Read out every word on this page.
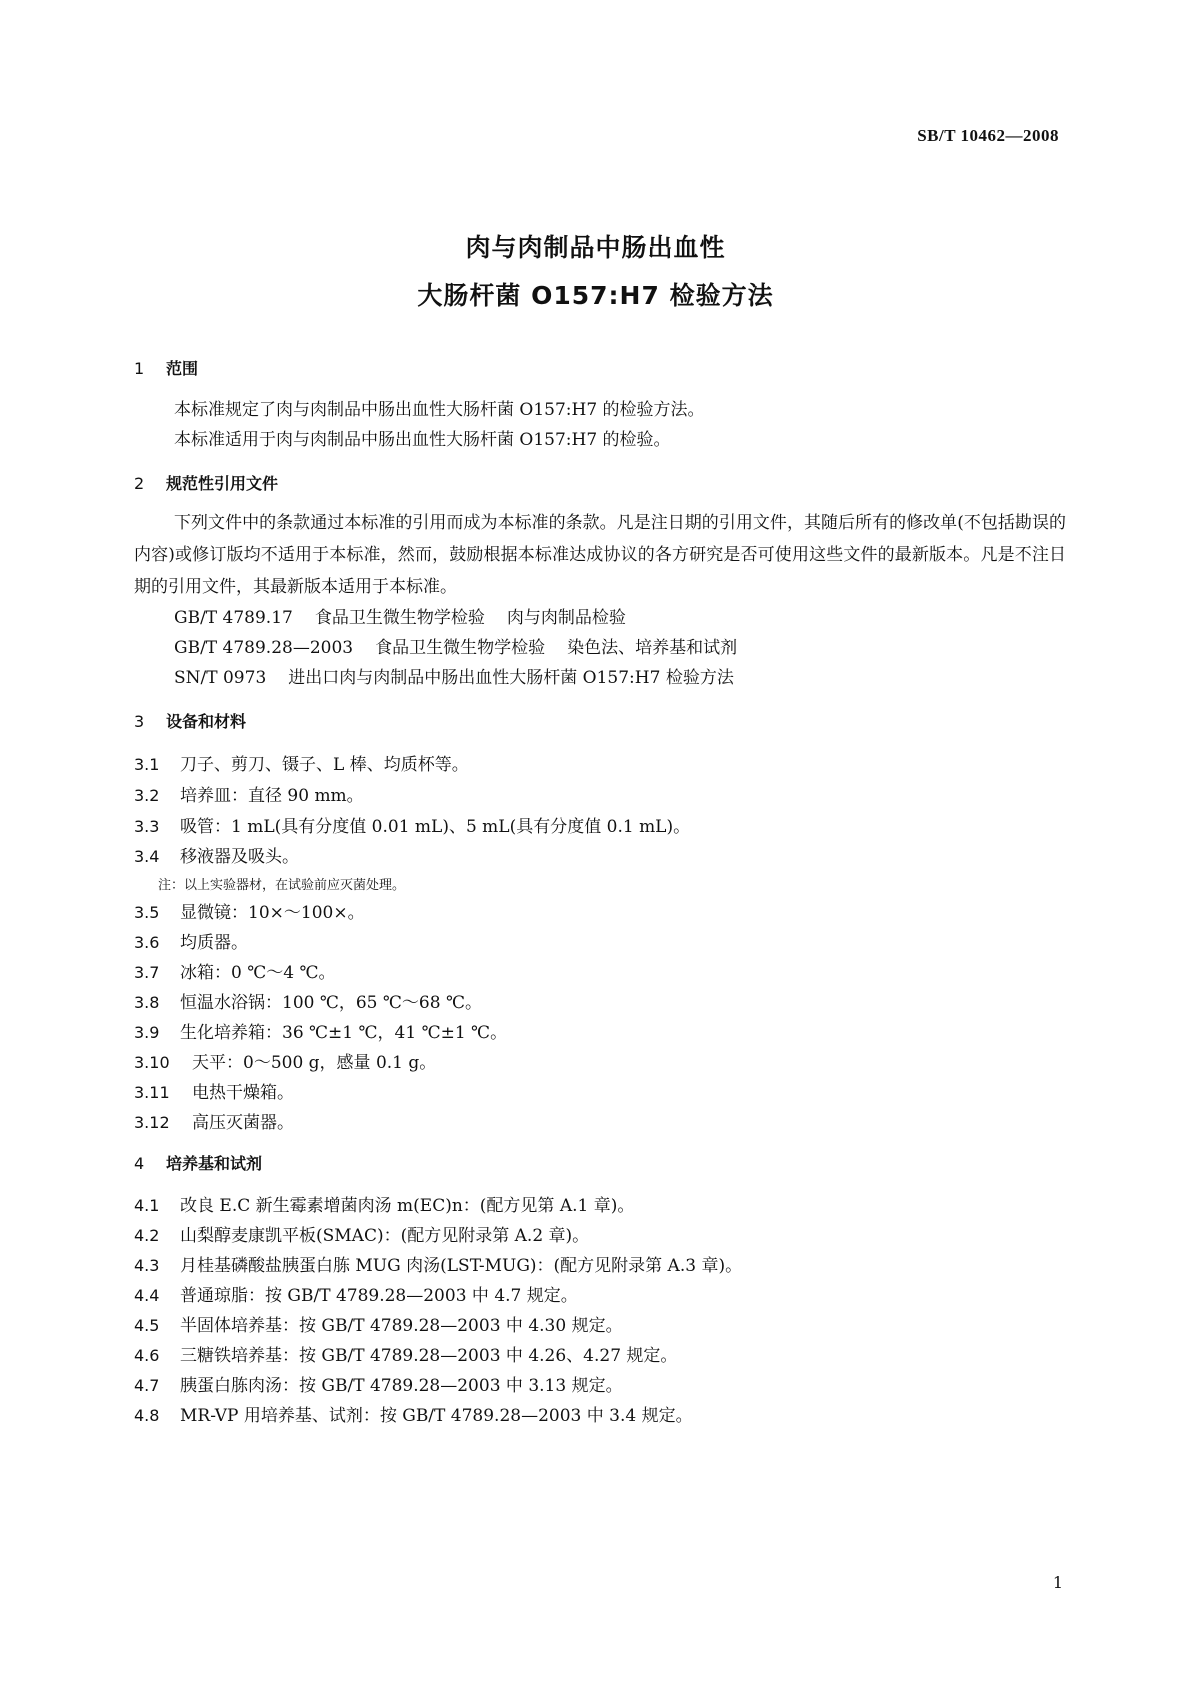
SB/T 10462—2008
肉与肉制品中肠出血性
大肠杆菌 O157:H7 检验方法
1 范围
本标准规定了肉与肉制品中肠出血性大肠杆菌 O157:H7 的检验方法。
本标准适用于肉与肉制品中肠出血性大肠杆菌 O157:H7 的检验。
2 规范性引用文件
下列文件中的条款通过本标准的引用而成为本标准的条款。凡是注日期的引用文件，其随后所有的修改单(不包括勘误的内容)或修订版均不适用于本标准，然而，鼓励根据本标准达成协议的各方研究是否可使用这些文件的最新版本。凡是不注日期的引用文件，其最新版本适用于本标准。
GB/T 4789.17 食品卫生微生物学检验 肉与肉制品检验
GB/T 4789.28—2003 食品卫生微生物学检验 染色法、培养基和试剂
SN/T 0973 进出口肉与肉制品中肠出血性大肠杆菌 O157:H7 检验方法
3 设备和材料
3.1 刀子、剪刀、镊子、L 棒、均质杯等。
3.2 培养皿：直径 90 mm。
3.3 吸管：1 mL(具有分度值 0.01 mL)、5 mL(具有分度值 0.1 mL)。
3.4 移液器及吸头。
注：以上实验器材，在试验前应灭菌处理。
3.5 显微镜：10×～100×。
3.6 均质器。
3.7 冰箱：0 ℃～4 ℃。
3.8 恒温水浴锅：100 ℃，65 ℃～68 ℃。
3.9 生化培养箱：36 ℃±1 ℃，41 ℃±1 ℃。
3.10 天平：0～500 g，感量 0.1 g。
3.11 电热干燥箱。
3.12 高压灭菌器。
4 培养基和试剂
4.1 改良 E.C 新生霉素增菌肉汤 m(EC)n：(配方见第 A.1 章)。
4.2 山梨醇麦康凯平板(SMAC)：(配方见附录第 A.2 章)。
4.3 月桂基磷酸盐胰蛋白胨 MUG 肉汤(LST-MUG)：(配方见附录第 A.3 章)。
4.4 普通琼脂：按 GB/T 4789.28—2003 中 4.7 规定。
4.5 半固体培养基：按 GB/T 4789.28—2003 中 4.30 规定。
4.6 三糖铁培养基：按 GB/T 4789.28—2003 中 4.26、4.27 规定。
4.7 胰蛋白胨肉汤：按 GB/T 4789.28—2003 中 3.13 规定。
4.8 MR-VP 用培养基、试剂：按 GB/T 4789.28—2003 中 3.4 规定。
1
